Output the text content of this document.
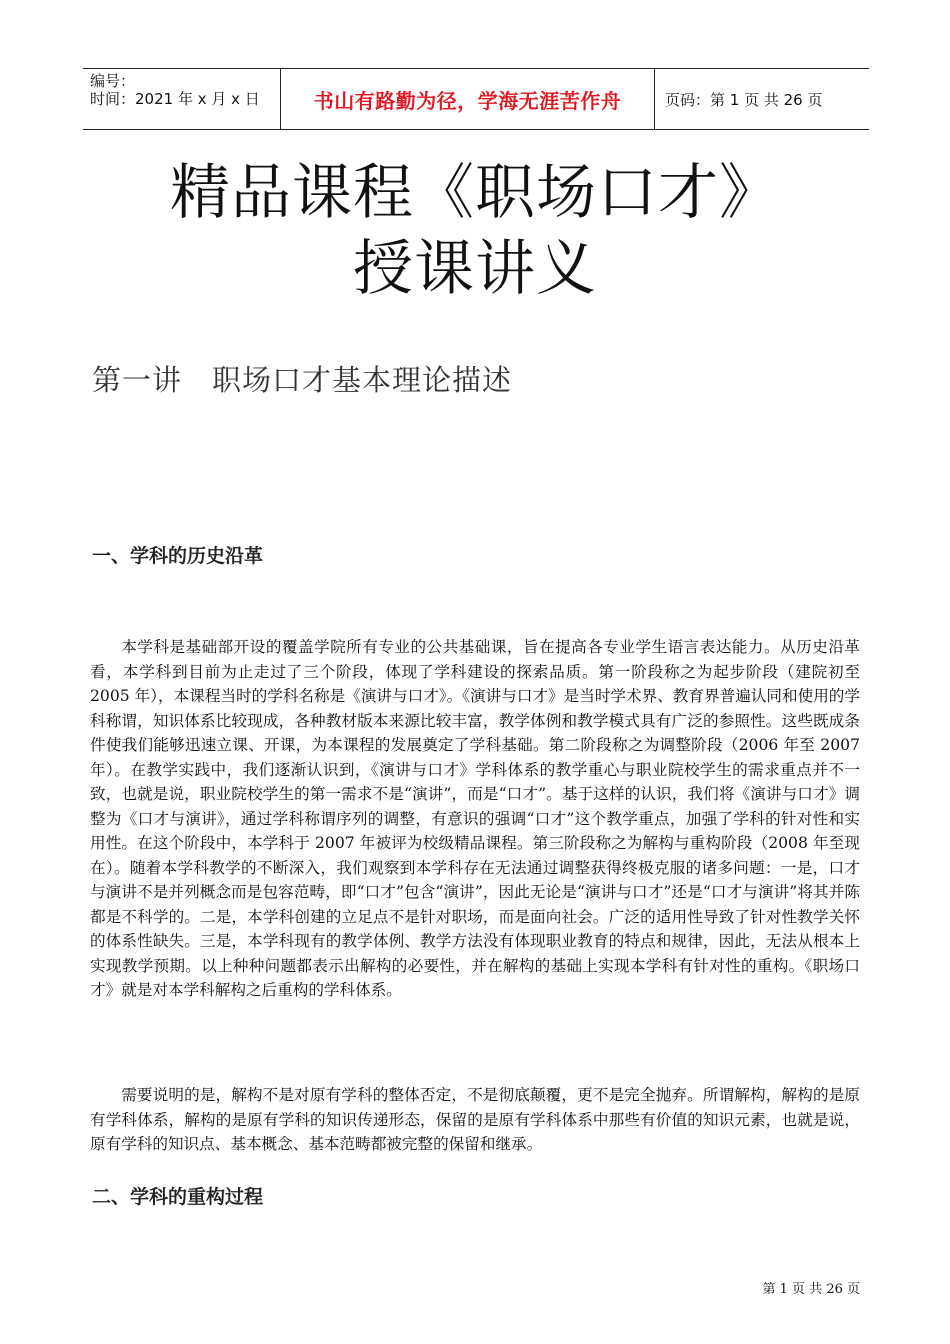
编号：
时间：2021 年 x 月 x 日	书山有路勤为径，学海无涯苦作舟	页码：第 1 页 共 26 页
精品课程《职场口才》
授课讲义
第一讲　职场口才基本理论描述
一、学科的历史沿革

本学科是基础部开设的覆盖学院所有专业的公共基础课，旨在提高各专业学生语言表达能力。从历史沿革看，本学科到目前为止走过了三个阶段，体现了学科建设的探索品质。第一阶段称之为起步阶段（建院初至 2005 年），本课程当时的学科名称是《演讲与口才》。《演讲与口才》是当时学术界、教育界普遍认同和使用的学科称谓，知识体系比较现成，各种教材版本来源比较丰富，教学体例和教学模式具有广泛的参照性。这些既成条件使我们能够迅速立课、开课，为本课程的发展奠定了学科基础。第二阶段称之为调整阶段（2006 年至 2007 年）。在教学实践中，我们逐渐认识到，《演讲与口才》学科体系的教学重心与职业院校学生的需求重点并不一致，也就是说，职业院校学生的第一需求不是“演讲”，而是“口才”。基于这样的认识，我们将《演讲与口才》调整为《口才与演讲》，通过学科称谓序列的调整，有意识的强调“口才”这个教学重点，加强了学科的针对性和实用性。在这个阶段中，本学科于 2007 年被评为校级精品课程。第三阶段称之为解构与重构阶段（2008 年至现在）。随着本学科教学的不断深入，我们观察到本学科存在无法通过调整获得终极克服的诸多问题：一是，口才与演讲不是并列概念而是包容范畴，即“口才”包含“演讲”，因此无论是“演讲与口才”还是“口才与演讲”将其并陈都是不科学的。二是，本学科创建的立足点不是针对职场，而是面向社会。广泛的适用性导致了针对性教学关怀的体系性缺失。三是，本学科现有的教学体例、教学方法没有体现职业教育的特点和规律，因此，无法从根本上实现教学预期。以上种种问题都表示出解构的必要性，并在解构的基础上实现本学科有针对性的重构。《职场口才》就是对本学科解构之后重构的学科体系。

需要说明的是，解构不是对原有学科的整体否定，不是彻底颠覆，更不是完全抛弃。所谓解构，解构的是原有学科体系，解构的是原有学科的知识传递形态，保留的是原有学科体系中那些有价值的知识元素，也就是说，原有学科的知识点、基本概念、基本范畴都被完整的保留和继承。

二、学科的重构过程
第 1 页 共 26 页
